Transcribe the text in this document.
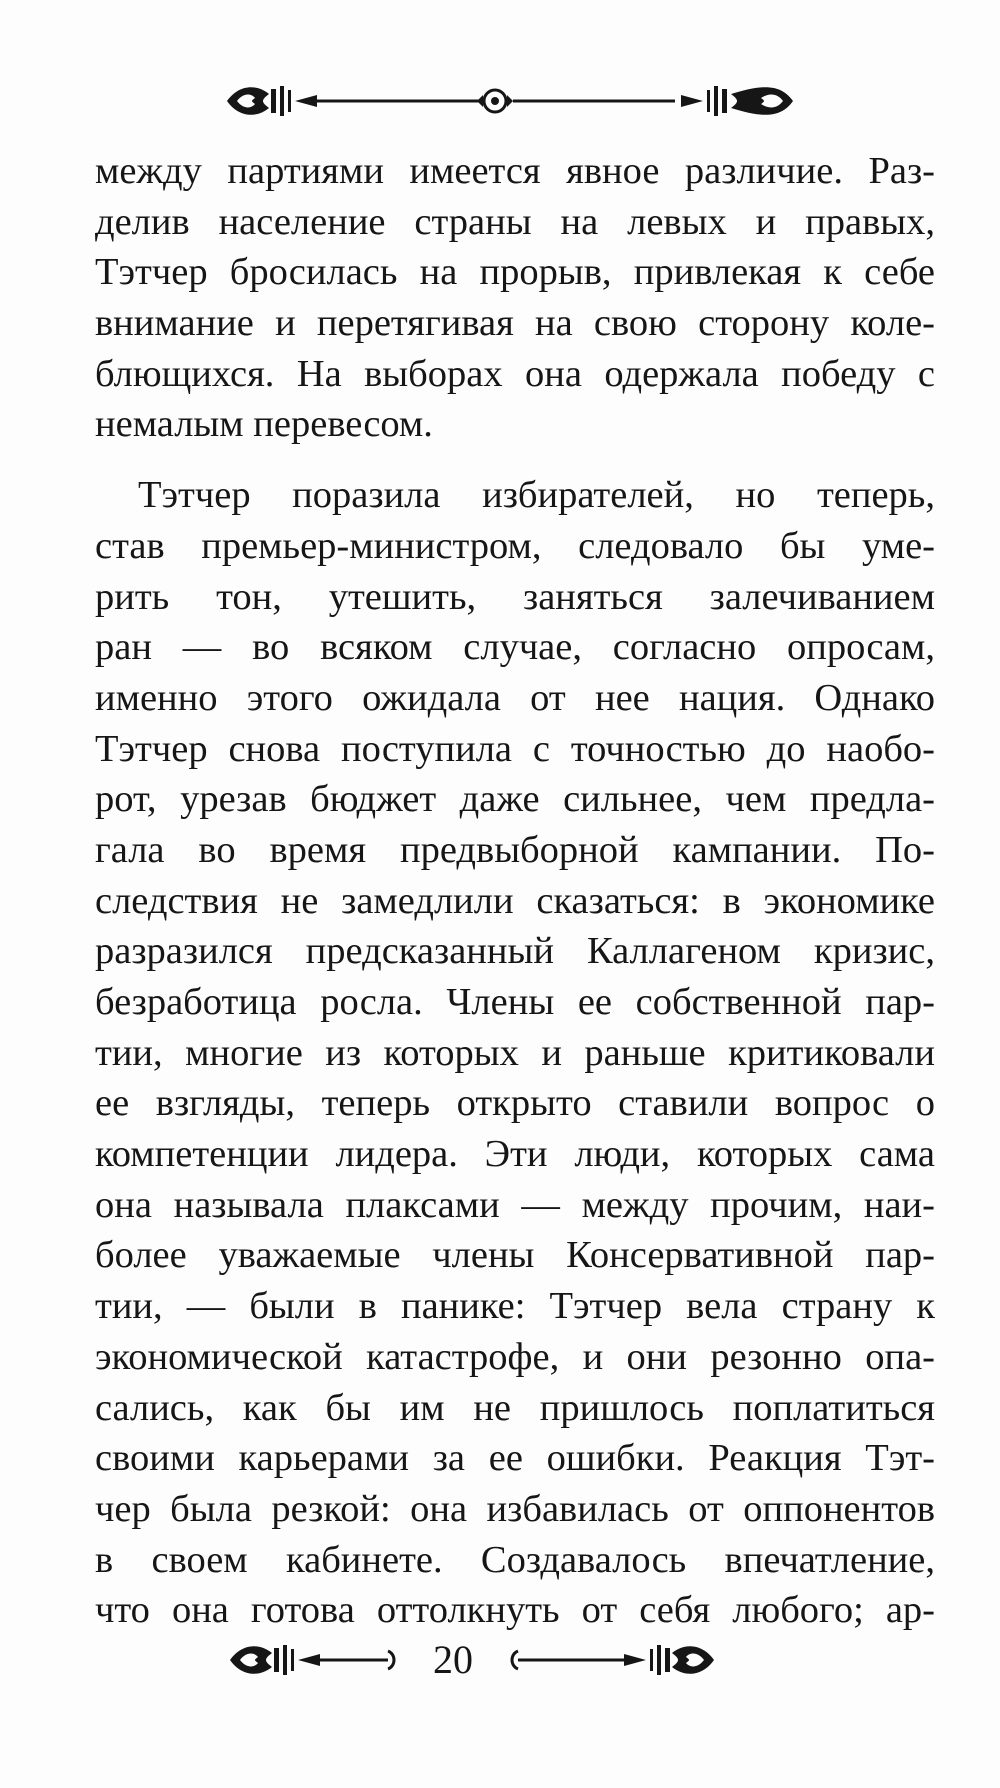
между партиями имеется явное различие. Раз-
делив население страны на левых и правых,
Тэтчер бросилась на прорыв, привлекая к себе
внимание и перетягивая на свою сторону коле-
блющихся. На выборах она одержала победу с
немалым перевесом.
Тэтчер поразила избирателей, но теперь,
став премьер-министром, следовало бы уме-
рить тон, утешить, заняться залечиванием
ран — во всяком случае, согласно опросам,
именно этого ожидала от нее нация. Однако
Тэтчер снова поступила с точностью до наобо-
рот, урезав бюджет даже сильнее, чем предла-
гала во время предвыборной кампании. По-
следствия не замедлили сказаться: в экономике
разразился предсказанный Каллагеном кризис,
безработица росла. Члены ее собственной пар-
тии, многие из которых и раньше критиковали
ее взгляды, теперь открыто ставили вопрос о
компетенции лидера. Эти люди, которых сама
она называла плаксами — между прочим, наи-
более уважаемые члены Консервативной пар-
тии, — были в панике: Тэтчер вела страну к
экономической катастрофе, и они резонно опа-
сались, как бы им не пришлось поплатиться
своими карьерами за ее ошибки. Реакция Тэт-
чер была резкой: она избавилась от оппонентов
в своем кабинете. Создавалось впечатление,
что она готова оттолкнуть от себя любого; ар-
20
